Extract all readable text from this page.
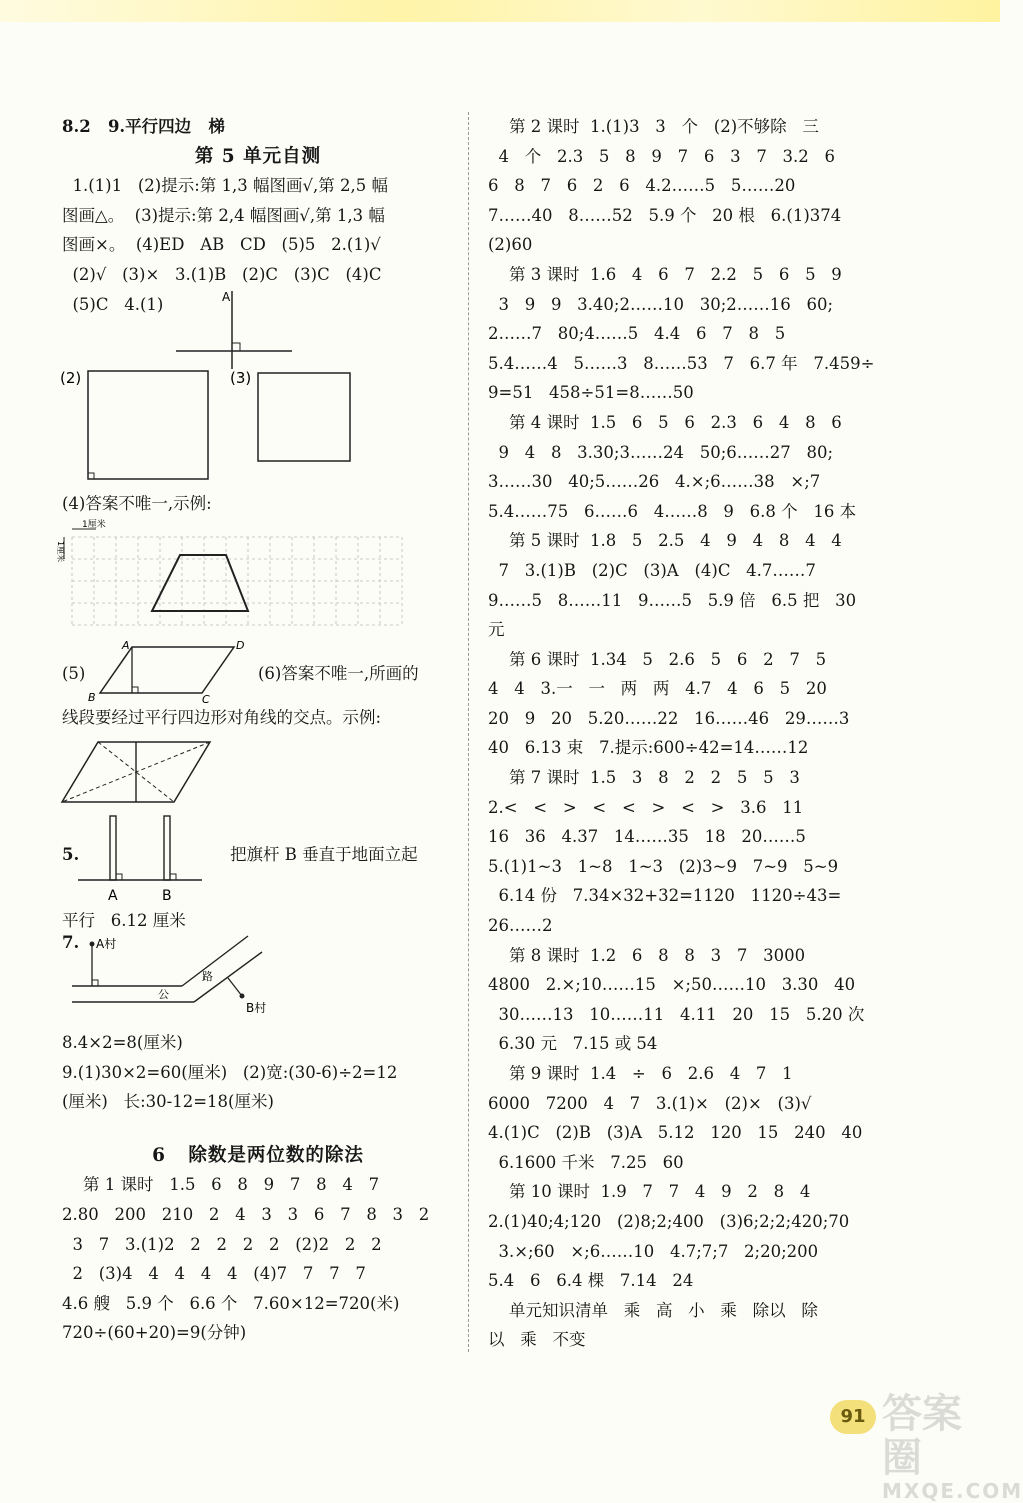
8.2   9.平行四边   梯
第 5 单元自测
1.(1)1   (2)提示:第 1,3 幅图画√,第 2,5 幅
图画△。  (3)提示:第 2,4 幅图画√,第 1,3 幅
图画×。  (4)ED   AB   CD   (5)5   2.(1)√
(2)√   (3)×   3.(1)B   (2)C   (3)C   (4)C
(5)C   4.(1)	A
(2)	(3)
(4)答案不唯一,示例:
1厘米
1厘米
(5)	(6)答案不唯一,所画的
A	D
B	C
线段要经过平行四边形对角线的交点。示例:
5.	把旗杆 B 垂直于地面立起
A	B
平行   6.12 厘米
7. A村
B村
公
路
8.4×2=8(厘米)
9.(1)30×2=60(厘米)   (2)宽:(30-6)÷2=12
(厘米)   长:30-12=18(厘米)
6   除数是两位数的除法
第 1 课时   1.5   6   8   9   7   8   4   7
2.80   200   210   2   4   3   3   6   7   8   3   2
3   7   3.(1)2   2   2   2   2   (2)2   2   2
2   (3)4   4   4   4   4   (4)7   7   7   7
4.6 艘   5.9 个   6.6 个   7.60×12=720(米)
720÷(60+20)=9(分钟)
第 2 课时  1.(1)3   3   个   (2)不够除   三
4   个   2.3   5   8   9   7   6   3   7   3.2   6
6   8   7   6   2   6   4.2……5   5……20
7……40   8……52   5.9 个   20 根   6.(1)374
(2)60
第 3 课时  1.6   4   6   7   2.2   5   6   5   9
3   9   9   3.40;2……10   30;2……16   60;
2……7   80;4……5   4.4   6   7   8   5
5.4……4   5……3   8……53   7   6.7 年   7.459÷
9=51   458÷51=8……50
第 4 课时  1.5   6   5   6   2.3   6   4   8   6
9   4   8   3.30;3……24   50;6……27   80;
3……30   40;5……26   4.×;6……38   ×;7
5.4……75   6……6   4……8   9   6.8 个   16 本
第 5 课时  1.8   5   2.5   4   9   4   8   4   4
7   3.(1)B   (2)C   (3)A   (4)C   4.7……7
9……5   8……11   9……5   5.9 倍   6.5 把   30
元
第 6 课时  1.34   5   2.6   5   6   2   7   5
4   4   3.一   一   两   两   4.7   4   6   5   20
20   9   20   5.20……22   16……46   29……3
40   6.13 束   7.提示:600÷42=14……12
第 7 课时  1.5   3   8   2   2   5   5   3
2.<   <   >   <   <   >   <   >   3.6   11
16   36   4.37   14……35   18   20……5
5.(1)1~3   1~8   1~3   (2)3~9   7~9   5~9
6.14 份   7.34×32+32=1120   1120÷43=
26……2
第 8 课时  1.2   6   8   8   3   7   3000
4800   2.×;10……15   ×;50……10   3.30   40
30……13   10……11   4.11   20   15   5.20 次
6.30 元   7.15 或 54
第 9 课时  1.4   ÷   6   2.6   4   7   1
6000   7200   4   7   3.(1)×   (2)×   (3)√
4.(1)C   (2)B   (3)A   5.12   120   15   240   40
6.1600 千米   7.25   60
第 10 课时  1.9   7   7   4   9   2   8   4
2.(1)40;4;120   (2)8;2;400   (3)6;2;2;420;70
3.×;60   ×;6……10   4.7;7;7   2;20;200
5.4   6   6.4 棵   7.14   24
单元知识清单   乘   高   小   乘   除以   除
以   乘   不变
91 答案圈
MXQE.COM
